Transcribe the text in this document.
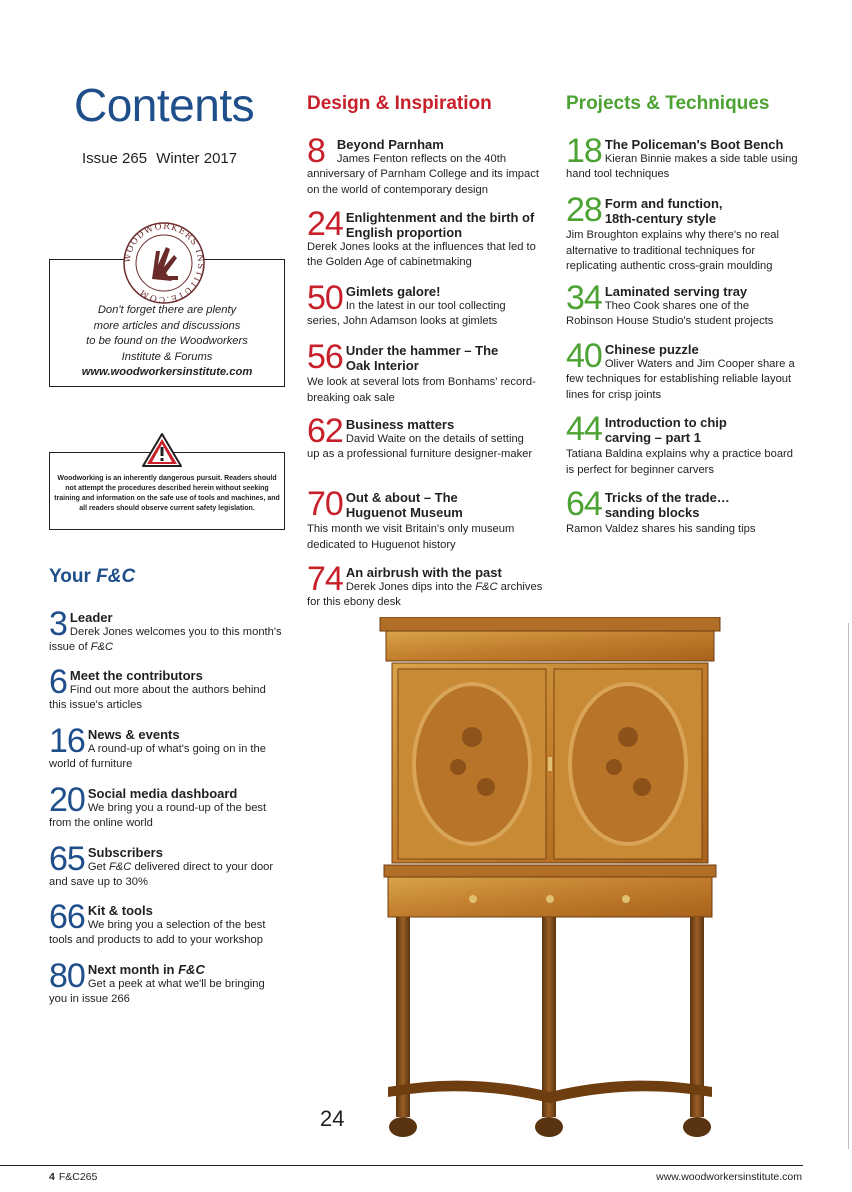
Contents
Issue 265 Winter 2017
WOODWORKERS INSTITUTE.COM
Don't forget there are plenty
more articles and discussions
to be found on the Woodworkers
Institute & Forums
www.woodworkersinstitute.com
Woodworking is an inherently dangerous pursuit. Readers should not attempt the procedures described herein without seeking training and information on the safe use of tools and machines, and all readers should observe current safety legislation.
Your F&C
3 Leader
Derek Jones welcomes you to this month's issue of F&C
6 Meet the contributors
Find out more about the authors behind this issue's articles
16 News & events
A round-up of what's going on in the world of furniture
20 Social media dashboard
We bring you a round-up of the best from the online world
65 Subscribers
Get F&C delivered direct to your door and save up to 30%
66 Kit & tools
We bring you a selection of the best tools and products to add to your workshop
80 Next month in F&C
Get a peek at what we'll be bringing you in issue 266
Design & Inspiration
8 Beyond Parnham
James Fenton reflects on the 40th anniversary of Parnham College and its impact on the world of contemporary design
24 Enlightenment and the birth of English proportion
Derek Jones looks at the influences that led to the Golden Age of cabinetmaking
50 Gimlets galore!
In the latest in our tool collecting series, John Adamson looks at gimlets
56 Under the hammer – The Oak Interior
We look at several lots from Bonhams' record-breaking oak sale
62 Business matters
David Waite on the details of setting up as a professional furniture designer-maker
70 Out & about – The Huguenot Museum
This month we visit Britain's only museum dedicated to Huguenot history
74 An airbrush with the past
Derek Jones dips into the F&C archives for this ebony desk
Projects & Techniques
18 The Policeman's Boot Bench
Kieran Binnie makes a side table using hand tool techniques
28 Form and function, 18th-century style
Jim Broughton explains why there's no real alternative to traditional techniques for replicating authentic cross-grain moulding
34 Laminated serving tray
Theo Cook shares one of the Robinson House Studio's student projects
40 Chinese puzzle
Oliver Waters and Jim Cooper share a few techniques for establishing reliable layout lines for crisp joints
44 Introduction to chip carving – part 1
Tatiana Baldina explains why a practice board is perfect for beginner carvers
64 Tricks of the trade… sanding blocks
Ramon Valdez shares his sanding tips
24
4 F&C265	www.woodworkersinstitute.com
